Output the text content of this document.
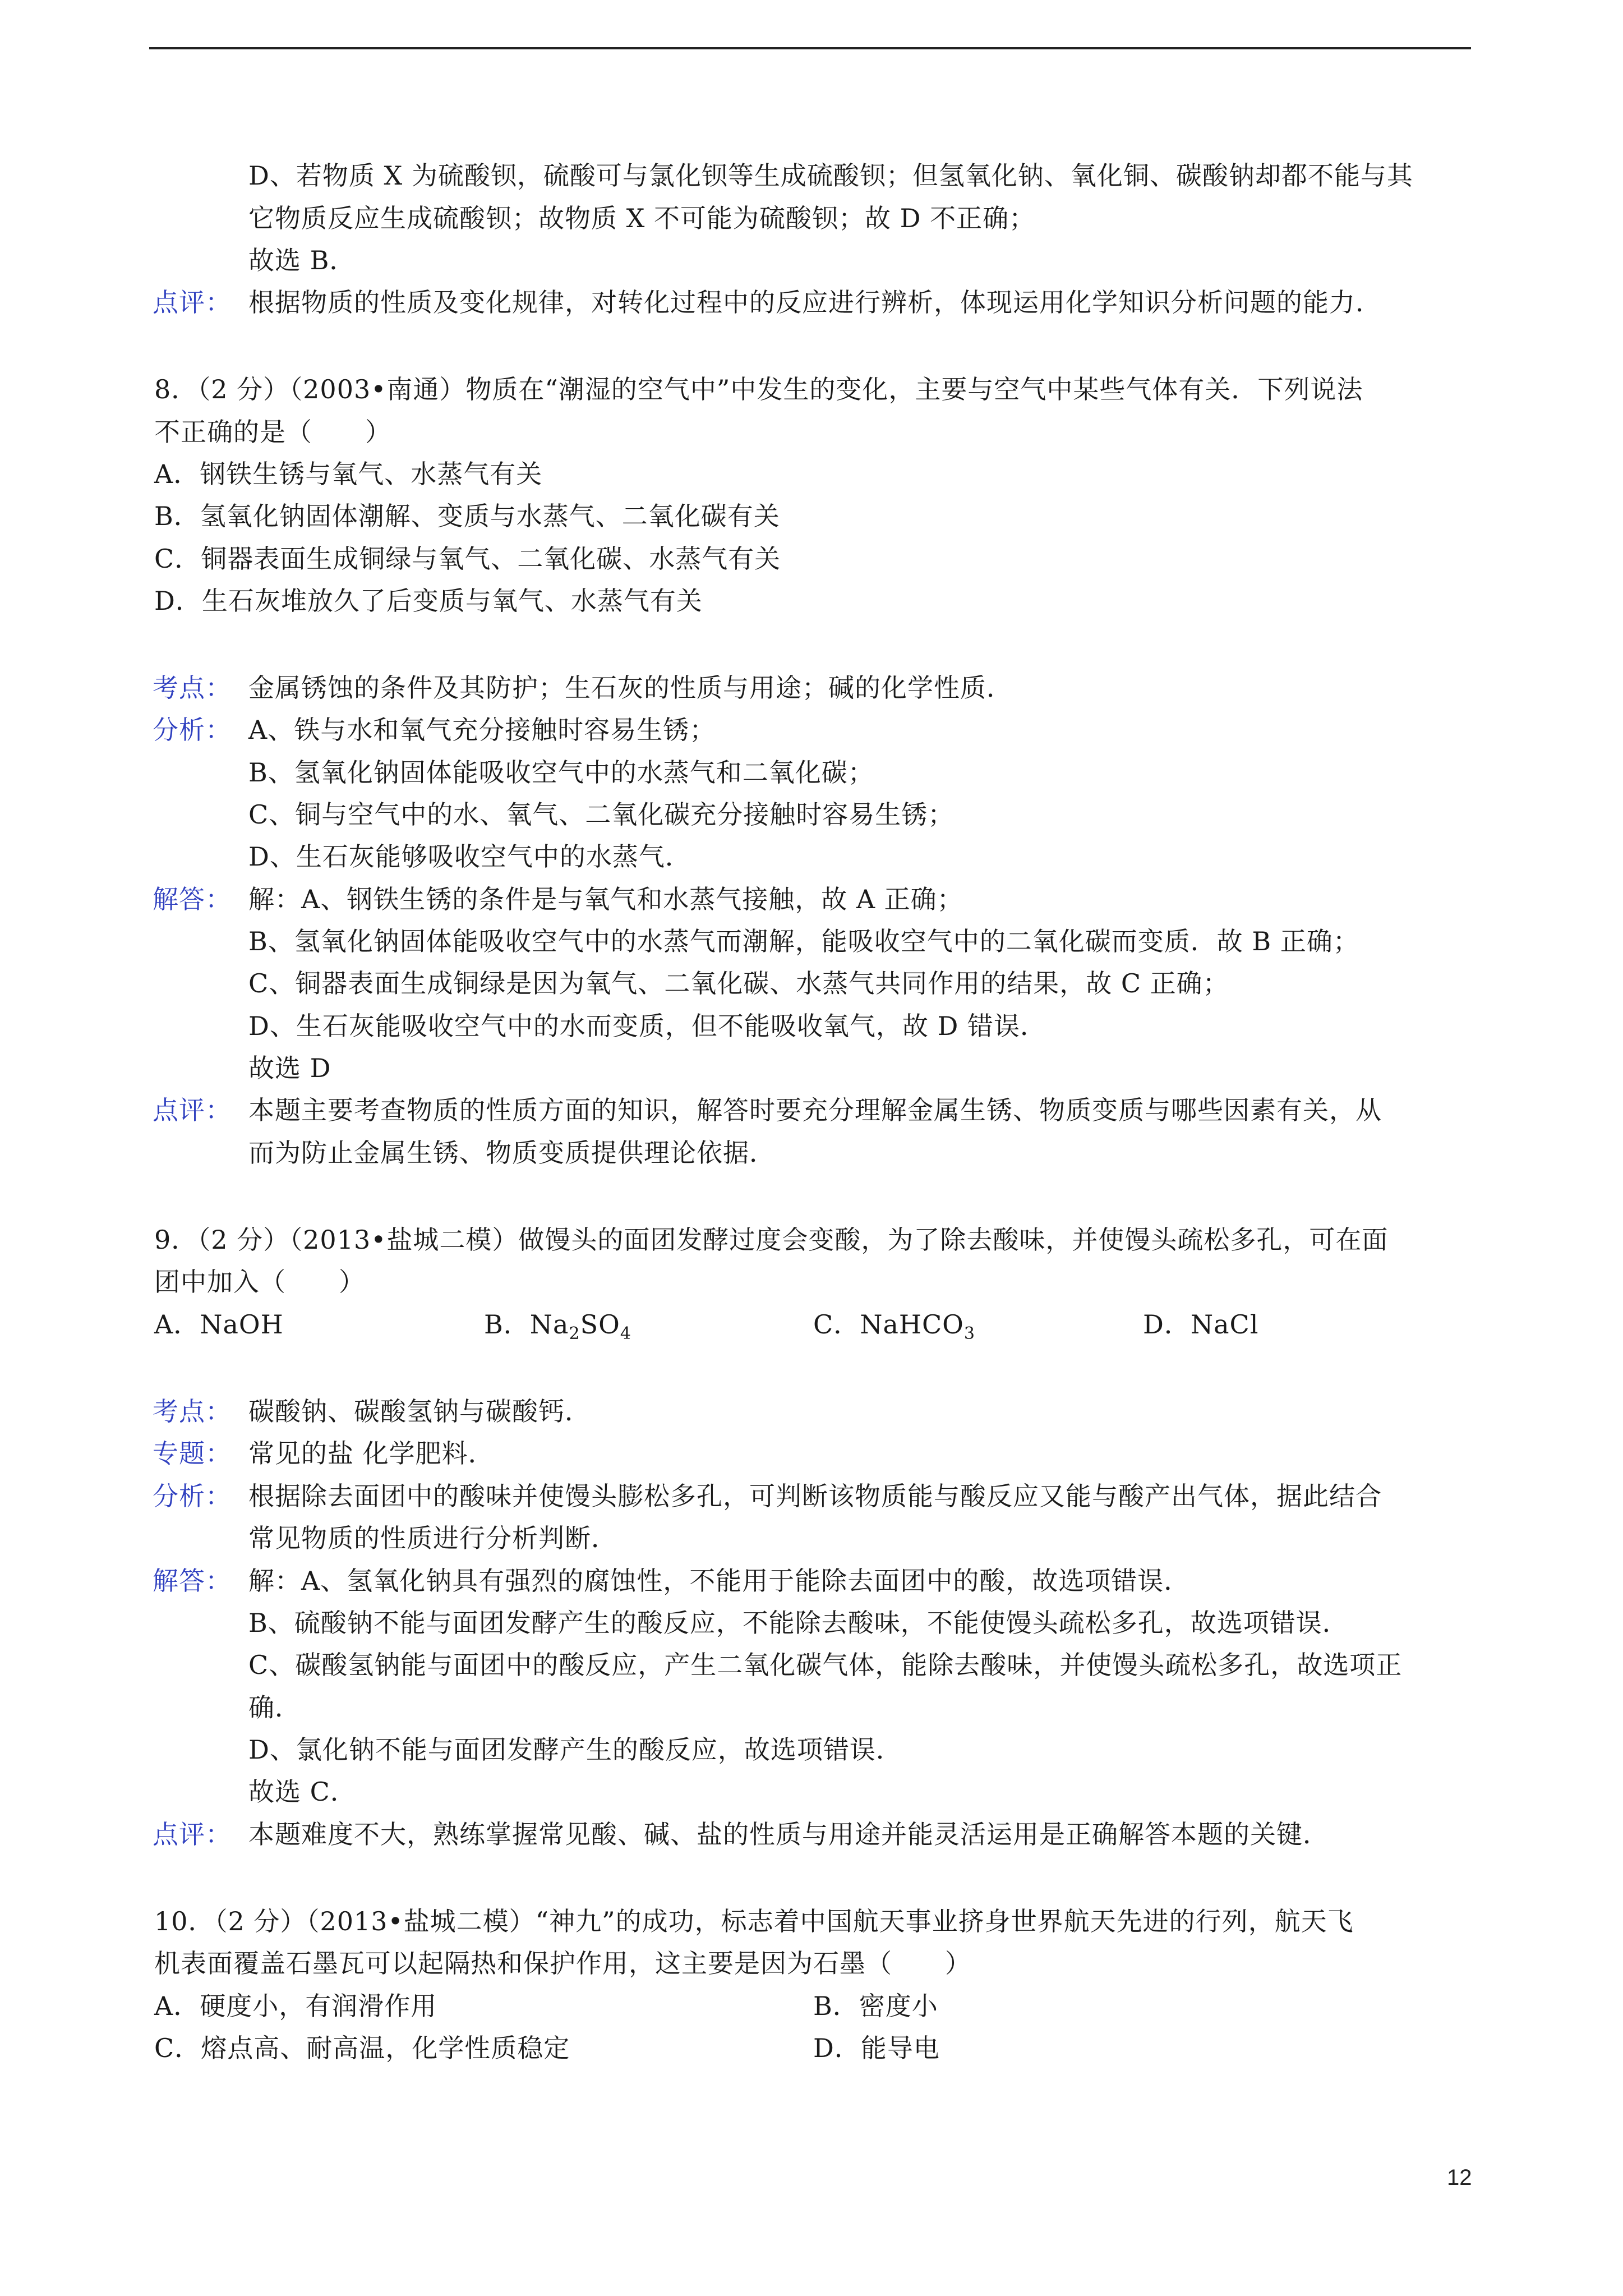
D、若物质 X 为硫酸钡，硫酸可与氯化钡等生成硫酸钡；但氢氧化钠、氧化铜、碳酸钠却都不能与其
它物质反应生成硫酸钡；故物质 X 不可能为硫酸钡；故 D 不正确；
故选 B．
点评： 根据物质的性质及变化规律，对转化过程中的反应进行辨析，体现运用化学知识分析问题的能力．
8．（2 分）（2003•南通）物质在“潮湿的空气中”中发生的变化，主要与空气中某些气体有关．下列说法
不正确的是（　　）
A．钢铁生锈与氧气、水蒸气有关
B．氢氧化钠固体潮解、变质与水蒸气、二氧化碳有关
C．铜器表面生成铜绿与氧气、二氧化碳、水蒸气有关
D．生石灰堆放久了后变质与氧气、水蒸气有关
考点： 金属锈蚀的条件及其防护；生石灰的性质与用途；碱的化学性质．
分析： A、铁与水和氧气充分接触时容易生锈；
B、氢氧化钠固体能吸收空气中的水蒸气和二氧化碳；
C、铜与空气中的水、氧气、二氧化碳充分接触时容易生锈；
D、生石灰能够吸收空气中的水蒸气．
解答： 解：A、钢铁生锈的条件是与氧气和水蒸气接触，故 A 正确；
B、氢氧化钠固体能吸收空气中的水蒸气而潮解，能吸收空气中的二氧化碳而变质．故 B 正确；
C、铜器表面生成铜绿是因为氧气、二氧化碳、水蒸气共同作用的结果，故 C 正确；
D、生石灰能吸收空气中的水而变质，但不能吸收氧气，故 D 错误．
故选 D
点评： 本题主要考查物质的性质方面的知识，解答时要充分理解金属生锈、物质变质与哪些因素有关，从
而为防止金属生锈、物质变质提供理论依据．
9．（2 分）（2013•盐城二模）做馒头的面团发酵过度会变酸，为了除去酸味，并使馒头疏松多孔，可在面
团中加入（　　）
A．NaOH	B．$Na_2SO_4$	C．NaHCO$_3$	D．NaCl
考点： 碳酸钠、碳酸氢钠与碳酸钙．
专题： 常见的盐 化学肥料．
分析： 根据除去面团中的酸味并使馒头膨松多孔，可判断该物质能与酸反应又能与酸产出气体，据此结合
常见物质的性质进行分析判断．
解答： 解：A、氢氧化钠具有强烈的腐蚀性，不能用于能除去面团中的酸，故选项错误．
B、硫酸钠不能与面团发酵产生的酸反应，不能除去酸味，不能使馒头疏松多孔，故选项错误．
C、碳酸氢钠能与面团中的酸反应，产生二氧化碳气体，能除去酸味，并使馒头疏松多孔，故选项正
确．
D、氯化钠不能与面团发酵产生的酸反应，故选项错误．
故选 C．
点评： 本题难度不大，熟练掌握常见酸、碱、盐的性质与用途并能灵活运用是正确解答本题的关键．
10．（2 分）（2013•盐城二模）“神九”的成功，标志着中国航天事业挤身世界航天先进的行列，航天飞
机表面覆盖石墨瓦可以起隔热和保护作用，这主要是因为石墨（　　）
A．硬度小，有润滑作用	B．密度小
C．熔点高、耐高温，化学性质稳定	D．能导电
12
